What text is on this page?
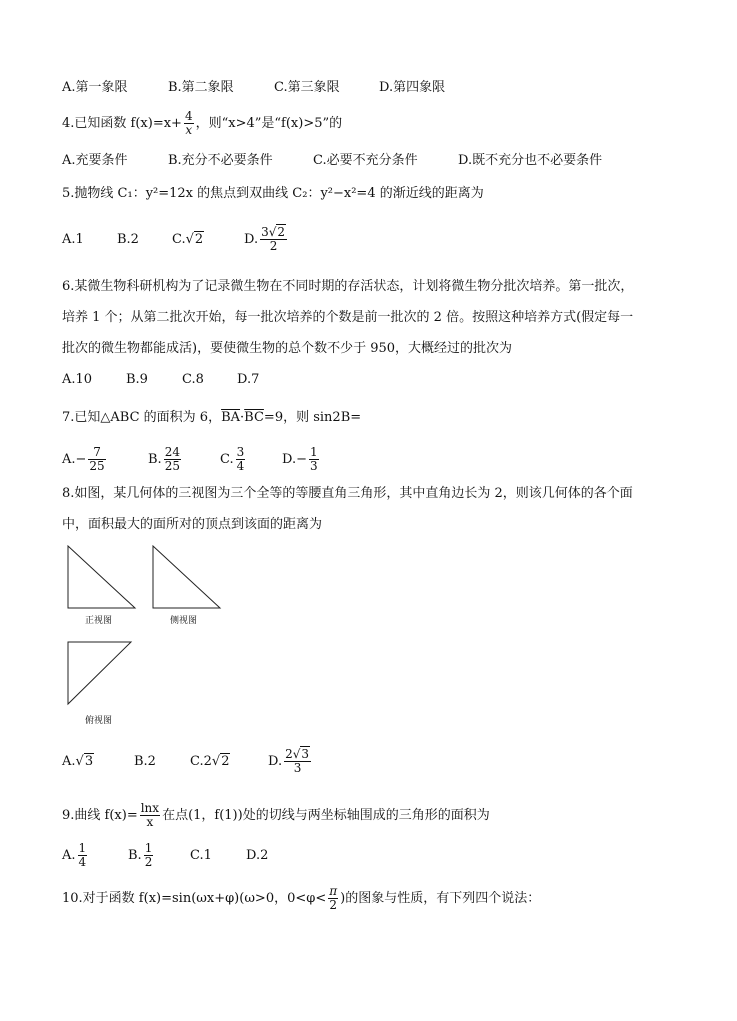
A.第一象限	B.第二象限	C.第三象限	D.第四象限
4.已知函数 $f(x)=x+ \frac{4}{x}$ ，则“x>4”是“f(x)>5”的
A.充要条件	B.充分不必要条件	C.必要不充分条件	D.既不充分也不必要条件
5.抛物线 C₁：y²=12x 的焦点到双曲线 C₂：y²−x²=4 的渐近线的距离为
A.1	B.2	C.√2	D. $\frac{3√2}{2}$
6.某微生物科研机构为了记录微生物在不同时期的存活状态，计划将微生物分批次培养。第一批次，
培养 1 个；从第二批次开始，每一批次培养的个数是前一批次的 2 倍。按照这种培养方式(假定每一
批次的微生物都能成活)，要使微生物的总个数不少于 950，大概经过的批次为
A.10	B.9	C.8	D.7
7.已知△ABC 的面积为 6，$\overline{BA}\cdot\overline{BC}=9$，则 sin2B=
$A.- \frac{7}{25}$	B. $\frac{24}{25}$	C. $\frac{3}{4}$	$D.- \frac{1}{3}$
8.如图，某几何体的三视图为三个全等的等腰直角三角形，其中直角边长为 2，则该几何体的各个面
中，面积最大的面所对的顶点到该面的距离为
正视图	侧视图
俯视图
A.√3	B.2	C.2√2	D. $\frac{2√3}{3}$
9.曲线 $f(x)= \frac{\ln x}{x}$ 在点(1，f(1))处的切线与两坐标轴围成的三角形的面积为
A. $\frac{1}{4}$	B. $\frac{1}{2}$	C.1	D.2
10.对于函数 f(x)=sin(ωx+φ)(ω>0，$0<\varphi< \frac{\pi}{2}$ )的图象与性质，有下列四个说法：
